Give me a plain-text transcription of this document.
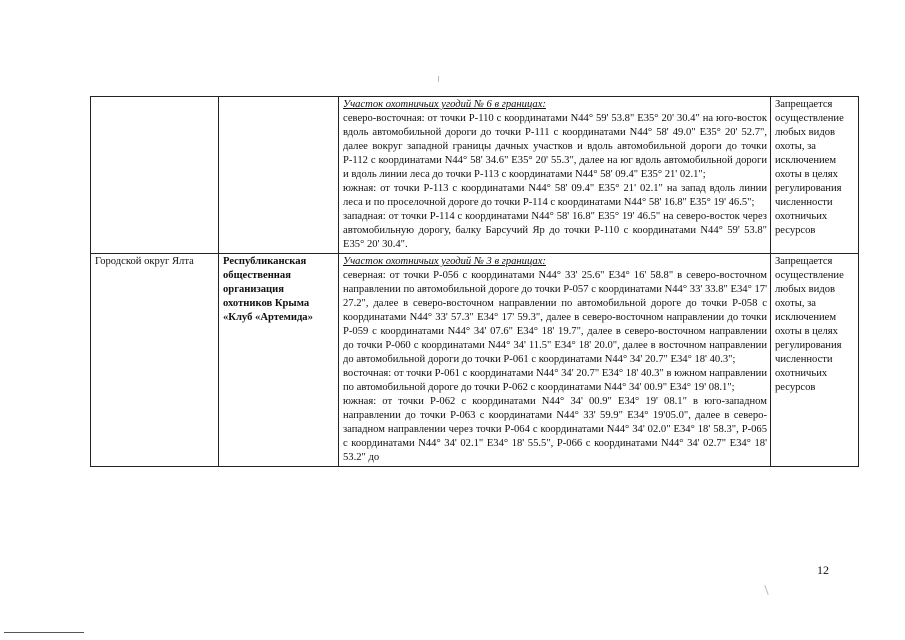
		Участок охотничьих угодий № 6 в границах:
северо-восточная: от точки Р-110 с координатами N44° 59' 53.8" E35° 20' 30.4" на юго-восток вдоль автомобильной дороги до точки Р-111 с координатами N44° 58' 49.0" E35° 20' 52.7", далее вокруг западной границы дачных участков и вдоль автомобильной дороги до точки Р-112 с координатами N44° 58' 34.6" E35° 20' 55.3", далее на юг вдоль автомобильной дороги и вдоль линии леса до точки Р-113 с координатами N44° 58' 09.4" E35° 21' 02.1";
южная: от точки Р-113 с координатами N44° 58' 09.4" E35° 21' 02.1" на запад вдоль линии леса и по проселочной дороге до точки Р-114 с координатами N44° 58' 16.8" E35° 19' 46.5";
западная: от точки Р-114 с координатами N44° 58' 16.8" E35° 19' 46.5" на северо-восток через автомобильную дорогу, балку Барсучий Яр до точки Р-110 с координатами N44° 59' 53.8" E35° 20' 30.4".	Запрещается осуществление любых видов охоты, за исключением охоты в целях регулирования численности охотничьих ресурсов
Городской округ Ялта	Республиканская общественная организация охотников Крыма «Клуб «Артемида»	Участок охотничьих угодий № 3 в границах:
северная: от точки Р-056 с координатами N44° 33' 25.6" E34° 16' 58.8" в северо-восточном направлении по автомобильной дороге до точки Р-057 с координатами N44° 33' 33.8" E34° 17' 27.2", далее в северо-восточном направлении по автомобильной дороге до точки Р-058 с координатами N44° 33' 57.3" E34° 17' 59.3", далее в северо-восточном направлении до точки Р-059 с координатами N44° 34' 07.6" E34° 18' 19.7", далее в северо-восточном направлении до точки Р-060 с координатами N44° 34' 11.5" E34° 18' 20.0", далее в восточном направлении до автомобильной дороги до точки Р-061 с координатами N44° 34' 20.7" E34° 18' 40.3";
восточная: от точки Р-061 с координатами N44° 34' 20.7" E34° 18' 40.3" в южном направлении по автомобильной дороге до точки Р-062 с координатами N44° 34' 00.9" E34° 19' 08.1";
южная: от точки Р-062 с координатами N44° 34' 00.9" E34° 19' 08.1" в юго-западном направлении до точки Р-063 с координатами N44° 33' 59.9" E34° 19'05.0", далее в северо-западном направлении через точки Р-064 с координатами N44° 34' 02.0" E34° 18' 58.3", Р-065 с координатами N44° 34' 02.1" E34° 18' 55.5", Р-066 с координатами N44° 34' 02.7" E34° 18' 53.2" до	Запрещается осуществление любых видов охоты, за исключением охоты в целях регулирования численности охотничьих ресурсов
12
